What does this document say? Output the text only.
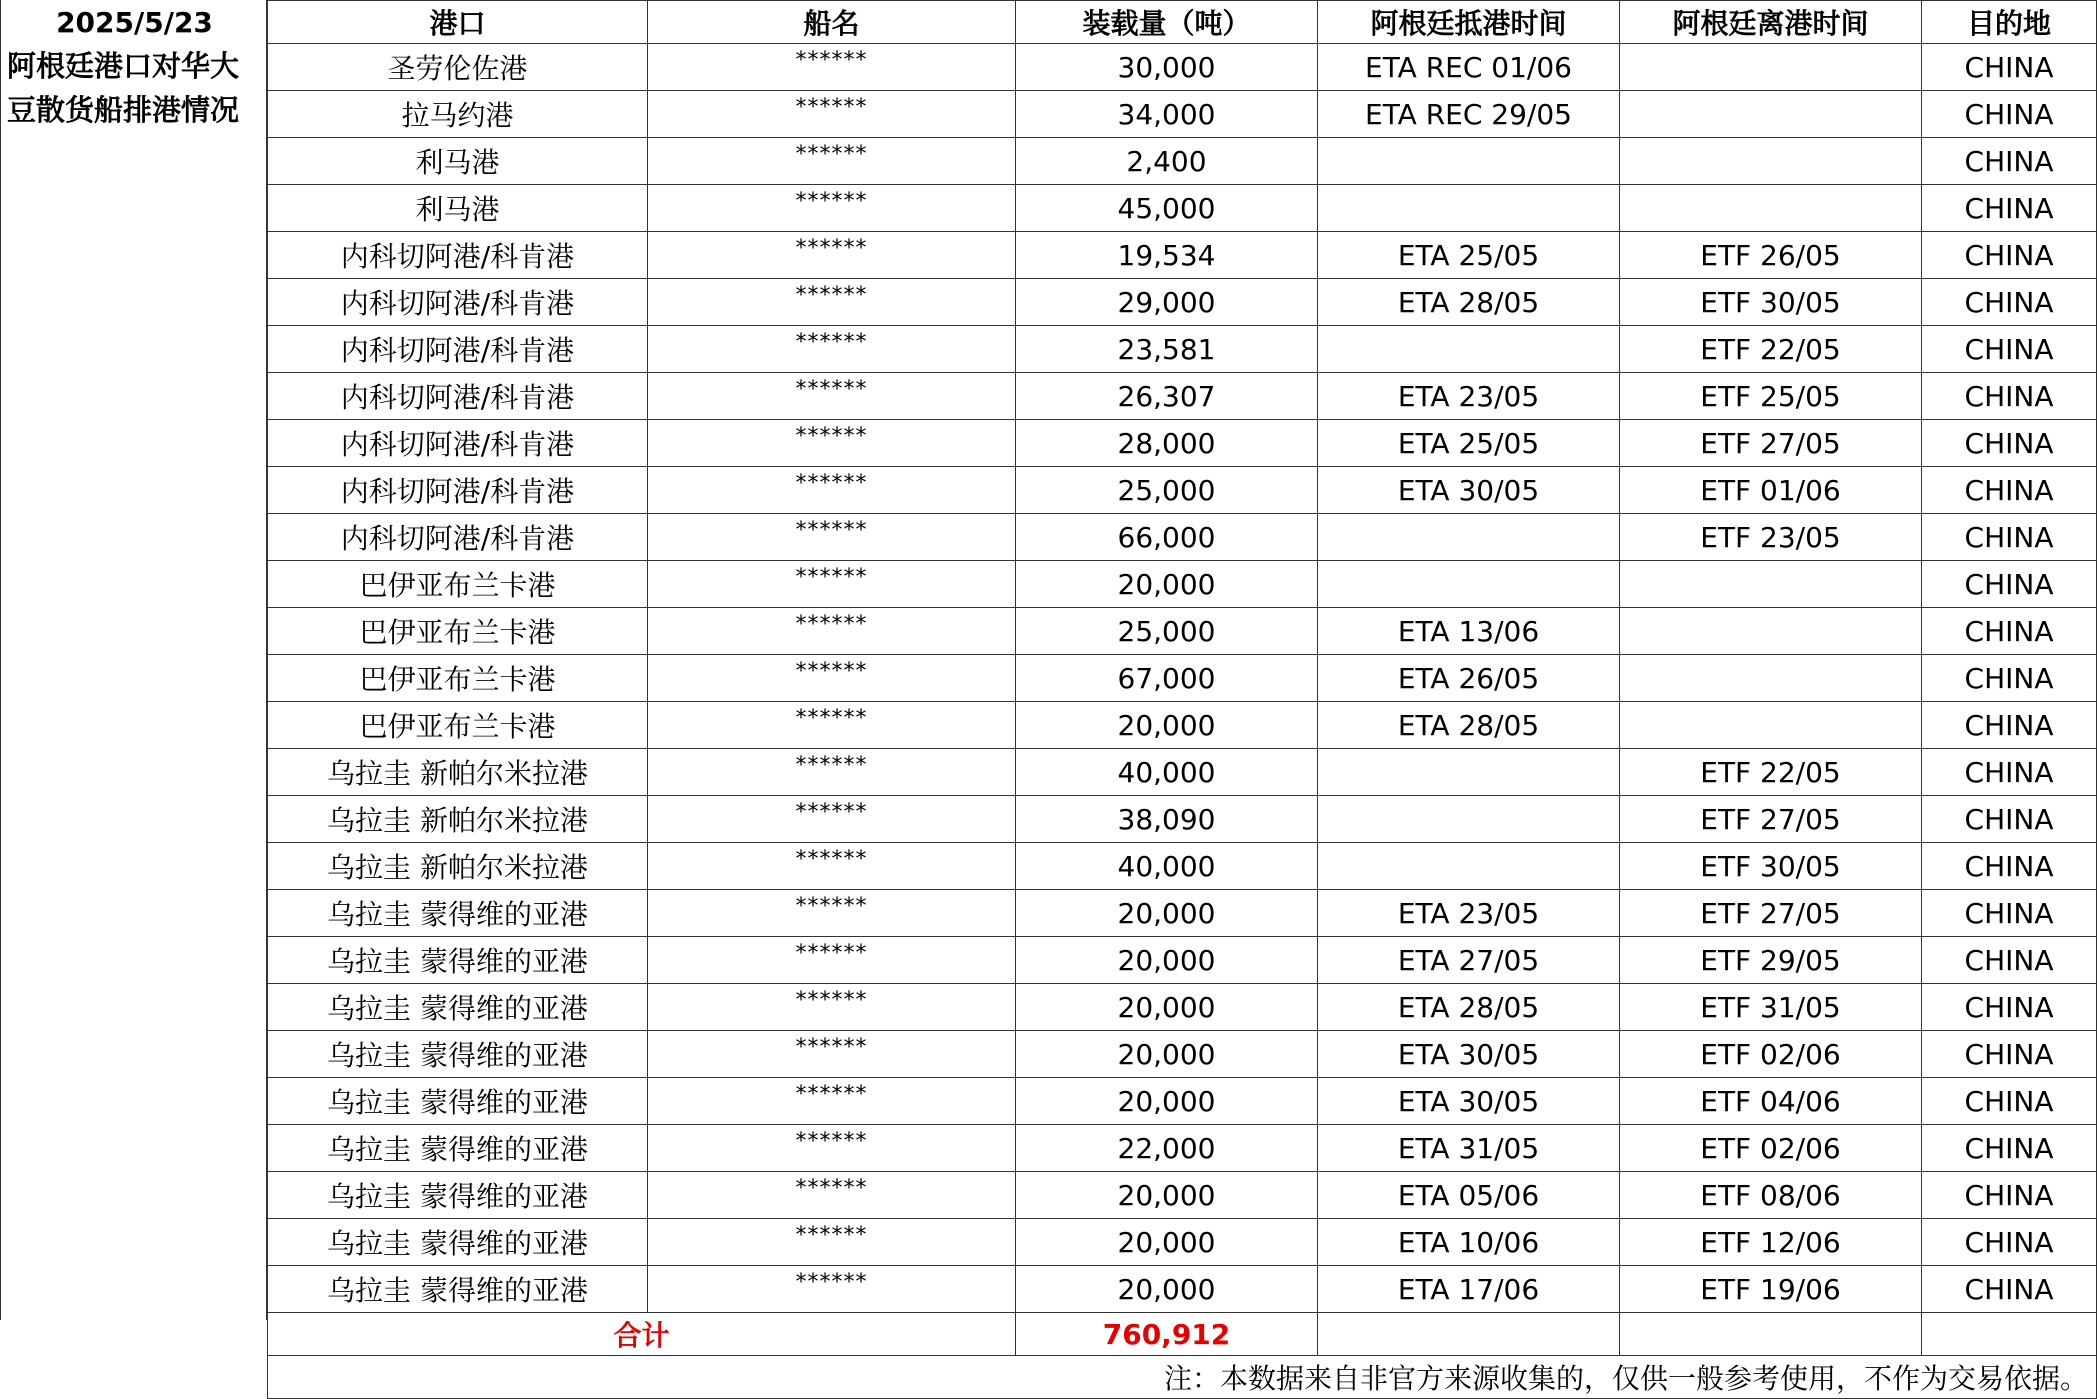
2025/5/23
阿根廷港口对华大豆散货船排港情况
港口	船名	装载量（吨）	阿根廷抵港时间	阿根廷离港时间	目的地
圣劳伦佐港	******	30,000	ETA REC 01/06		CHINA
拉马约港	******	34,000	ETA REC 29/05		CHINA
利马港	******	2,400			CHINA
利马港	******	45,000			CHINA
内科切阿港/科肯港	******	19,534	ETA 25/05	ETF 26/05	CHINA
内科切阿港/科肯港	******	29,000	ETA 28/05	ETF 30/05	CHINA
内科切阿港/科肯港	******	23,581		ETF 22/05	CHINA
内科切阿港/科肯港	******	26,307	ETA 23/05	ETF 25/05	CHINA
内科切阿港/科肯港	******	28,000	ETA 25/05	ETF 27/05	CHINA
内科切阿港/科肯港	******	25,000	ETA 30/05	ETF 01/06	CHINA
内科切阿港/科肯港	******	66,000		ETF 23/05	CHINA
巴伊亚布兰卡港	******	20,000			CHINA
巴伊亚布兰卡港	******	25,000	ETA 13/06		CHINA
巴伊亚布兰卡港	******	67,000	ETA 26/05		CHINA
巴伊亚布兰卡港	******	20,000	ETA 28/05		CHINA
乌拉圭 新帕尔米拉港	******	40,000		ETF 22/05	CHINA
乌拉圭 新帕尔米拉港	******	38,090		ETF 27/05	CHINA
乌拉圭 新帕尔米拉港	******	40,000		ETF 30/05	CHINA
乌拉圭 蒙得维的亚港	******	20,000	ETA 23/05	ETF 27/05	CHINA
乌拉圭 蒙得维的亚港	******	20,000	ETA 27/05	ETF 29/05	CHINA
乌拉圭 蒙得维的亚港	******	20,000	ETA 28/05	ETF 31/05	CHINA
乌拉圭 蒙得维的亚港	******	20,000	ETA 30/05	ETF 02/06	CHINA
乌拉圭 蒙得维的亚港	******	20,000	ETA 30/05	ETF 04/06	CHINA
乌拉圭 蒙得维的亚港	******	22,000	ETA 31/05	ETF 02/06	CHINA
乌拉圭 蒙得维的亚港	******	20,000	ETA 05/06	ETF 08/06	CHINA
乌拉圭 蒙得维的亚港	******	20,000	ETA 10/06	ETF 12/06	CHINA
乌拉圭 蒙得维的亚港	******	20,000	ETA 17/06	ETF 19/06	CHINA
合计		760,912			
注：本数据来自非官方来源收集的，仅供一般参考使用，不作为交易依据。					
